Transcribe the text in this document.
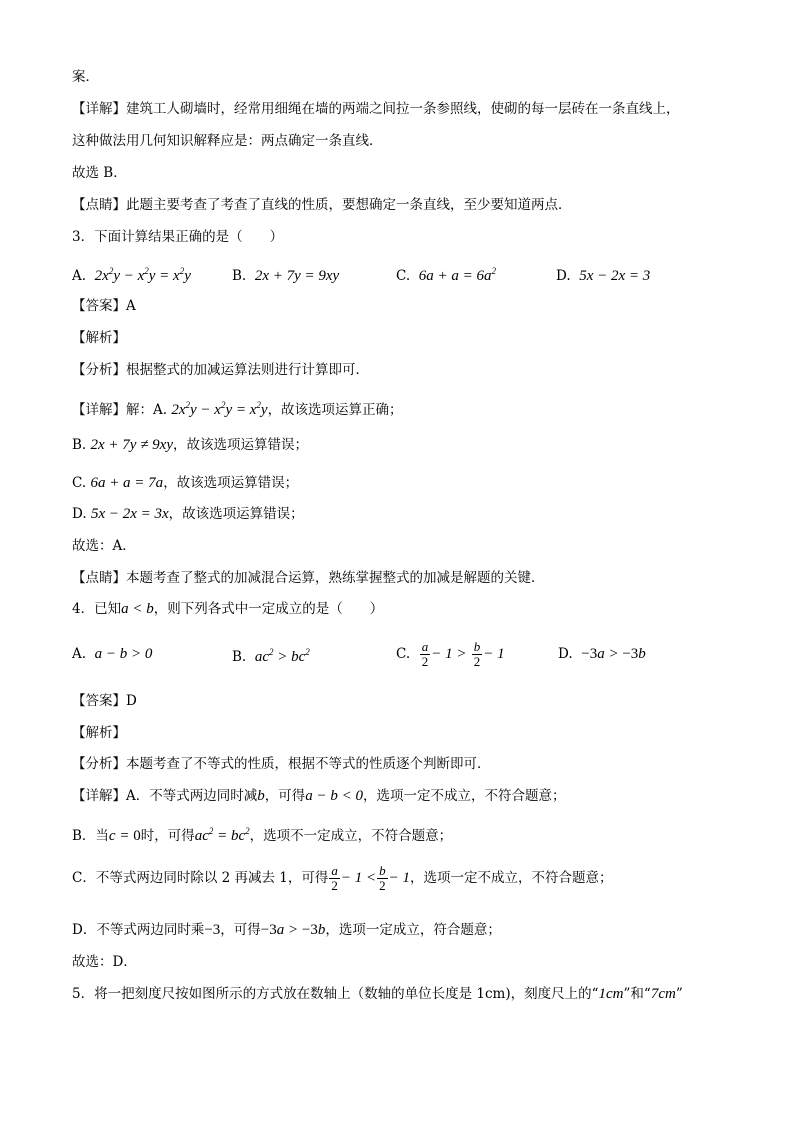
案．
【详解】建筑工人砌墙时，经常用细绳在墙的两端之间拉一条参照线，使砌的每一层砖在一条直线上，
这种做法用几何知识解释应是：两点确定一条直线．
故选 B．
【点睛】此题主要考查了考查了直线的性质，要想确定一条直线，至少要知道两点．
3．下面计算结果正确的是（　　）
A. $2x^2y - x^2y = x^2y$	B. 2x + 7y = 9xy	C. $6a + a = 6a^2$	D. 5x − 2x = 3
【答案】A
【解析】
【分析】根据整式的加减运算法则进行计算即可．
【详解】解：A. $2x^2y - x^2y = x^2y$，故该选项运算正确；
B. 2x + 7y ≠ 9xy，故该选项运算错误；
C. 6a + a = 7a，故该选项运算错误；
D. 5x − 2x = 3x，故该选项运算错误；
故选：A．
【点睛】本题考查了整式的加减混合运算，熟练掌握整式的加减是解题的关键．
4．已知a < b，则下列各式中一定成立的是（　　）
A. a − b > 0	B. $ac^2 > bc^2$	C. $\frac{a}{2} - 1 > \frac{b}{2} - 1$	D. −3a > −3b
【答案】D
【解析】
【分析】本题考查了不等式的性质，根据不等式的性质逐个判断即可．
【详解】A．不等式两边同时减b，可得a − b < 0，选项一定不成立，不符合题意；
B．当c = 0时，可得$ac^2 = bc^2$，选项不一定成立，不符合题意；
C．不等式两边同时除以 2 再减去 1，可得 $\frac{a}{2} - 1 < \frac{b}{2} - 1$ ，选项一定不成立，不符合题意；
D．不等式两边同时乘−3，可得−3a > −3b，选项一定成立，符合题意；
故选：D．
5．将一把刻度尺按如图所示的方式放在数轴上（数轴的单位长度是 1cm)，刻度尺上的“1cm”和“7cm”
